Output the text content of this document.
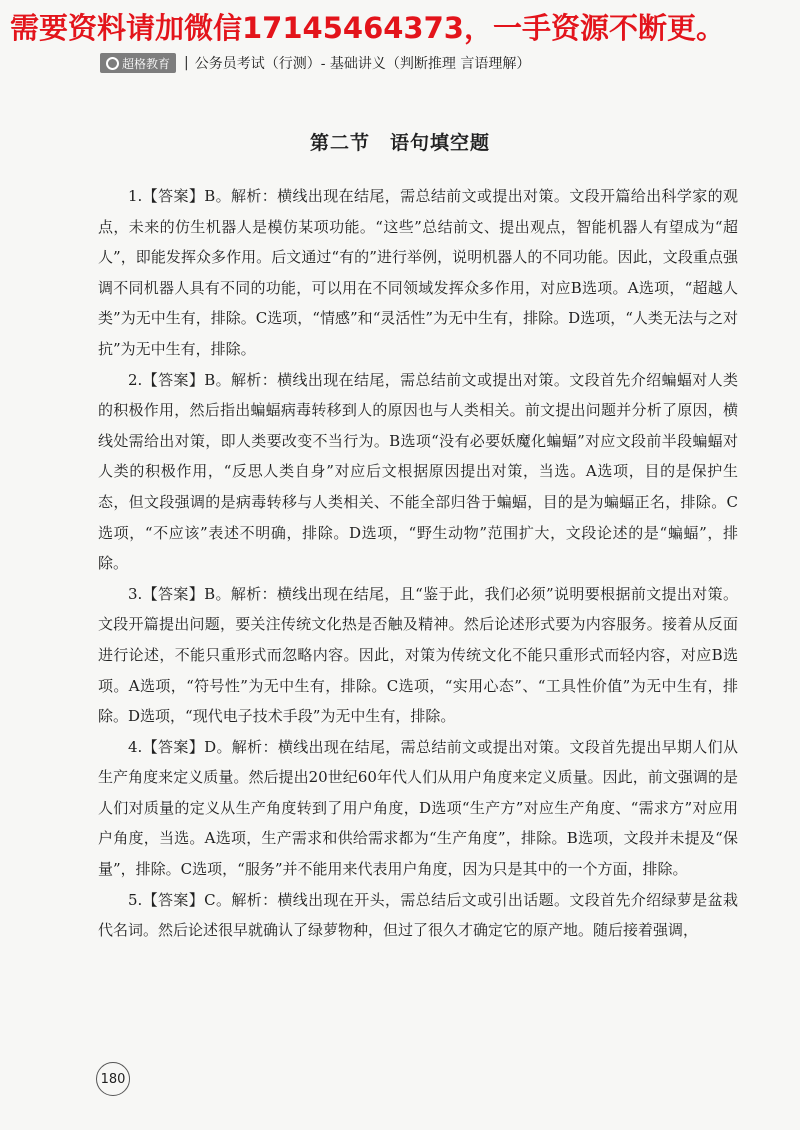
需要资料请加微信17145464373，一手资源不断更。
超格教育 | 公务员考试（行测）- 基础讲义（判断推理 言语理解）
第二节　语句填空题

1.【答案】B。解析：横线出现在结尾，需总结前文或提出对策。文段开篇给出科学家的观点，未来的仿生机器人是模仿某项功能。“这些”总结前文、提出观点，智能机器人有望成为“超人”，即能发挥众多作用。后文通过“有的”进行举例，说明机器人的不同功能。因此，文段重点强调不同机器人具有不同的功能，可以用在不同领域发挥众多作用，对应B选项。A选项，“超越人类”为无中生有，排除。C选项，“情感”和“灵活性”为无中生有，排除。D选项，“人类无法与之对抗”为无中生有，排除。

2.【答案】B。解析：横线出现在结尾，需总结前文或提出对策。文段首先介绍蝙蝠对人类的积极作用，然后指出蝙蝠病毒转移到人的原因也与人类相关。前文提出问题并分析了原因，横线处需给出对策，即人类要改变不当行为。B选项“没有必要妖魔化蝙蝠”对应文段前半段蝙蝠对人类的积极作用，“反思人类自身”对应后文根据原因提出对策，当选。A选项，目的是保护生态，但文段强调的是病毒转移与人类相关、不能全部归咎于蝙蝠，目的是为蝙蝠正名，排除。C选项，“不应该”表述不明确，排除。D选项，“野生动物”范围扩大，文段论述的是“蝙蝠”，排除。

3.【答案】B。解析：横线出现在结尾，且“鉴于此，我们必须”说明要根据前文提出对策。文段开篇提出问题，要关注传统文化热是否触及精神。然后论述形式要为内容服务。接着从反面进行论述，不能只重形式而忽略内容。因此，对策为传统文化不能只重形式而轻内容，对应B选项。A选项，“符号性”为无中生有，排除。C选项，“实用心态”、“工具性价值”为无中生有，排除。D选项，“现代电子技术手段”为无中生有，排除。

4.【答案】D。解析：横线出现在结尾，需总结前文或提出对策。文段首先提出早期人们从生产角度来定义质量。然后提出20世纪60年代人们从用户角度来定义质量。因此，前文强调的是人们对质量的定义从生产角度转到了用户角度，D选项“生产方”对应生产角度、“需求方”对应用户角度，当选。A选项，生产需求和供给需求都为“生产角度”，排除。B选项，文段并未提及“保量”，排除。C选项，“服务”并不能用来代表用户角度，因为只是其中的一个方面，排除。

5.【答案】C。解析：横线出现在开头，需总结后文或引出话题。文段首先介绍绿萝是盆栽代名词。然后论述很早就确认了绿萝物种，但过了很久才确定它的原产地。随后接着强调，

180
